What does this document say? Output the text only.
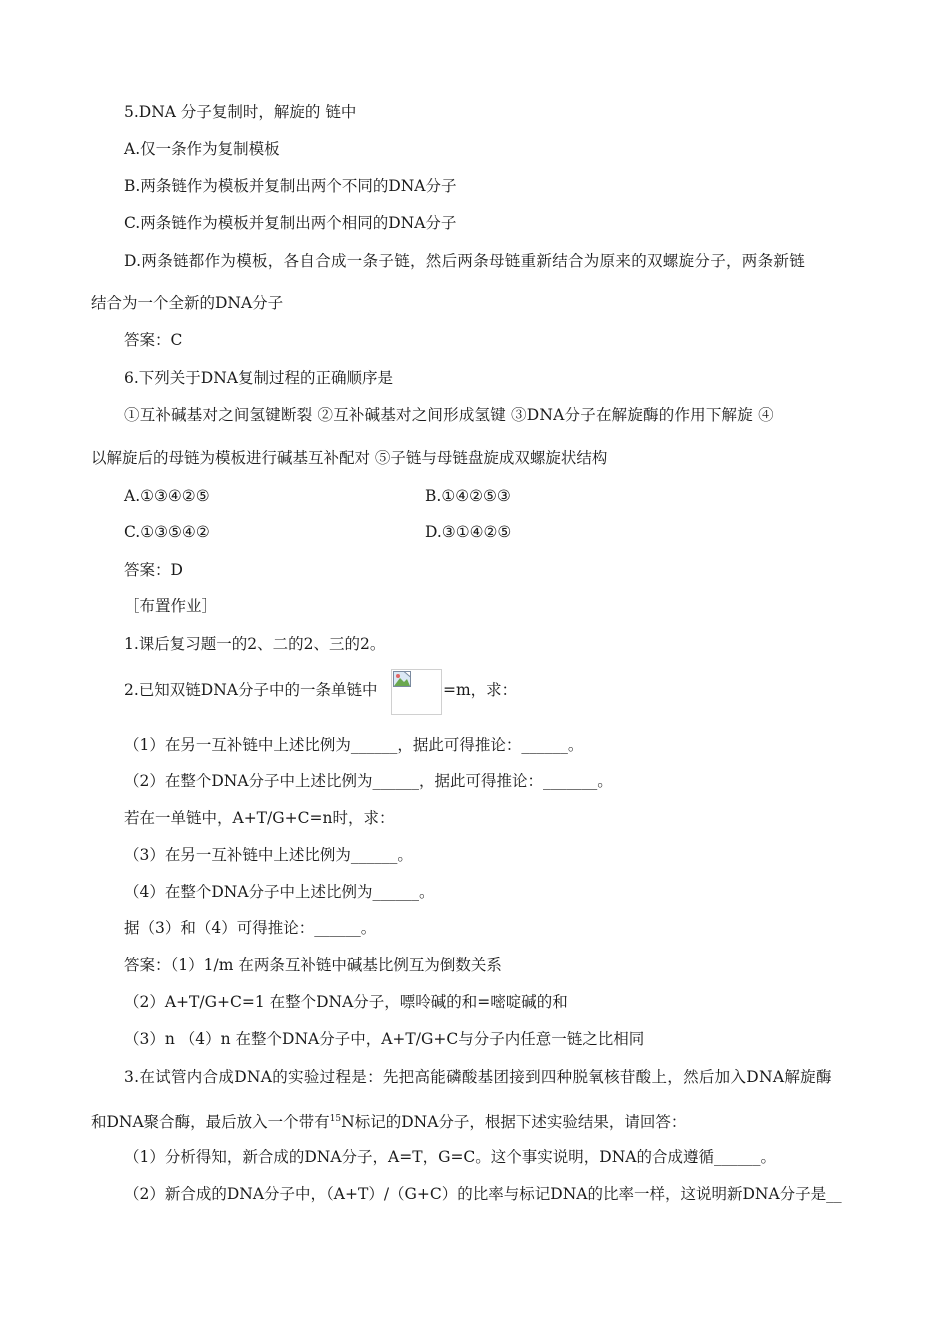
5.DNA 分子复制时，解旋的 链中
A.仅一条作为复制模板
B.两条链作为模板并复制出两个不同的DNA分子
C.两条链作为模板并复制出两个相同的DNA分子
D.两条链都作为模板，各自合成一条子链，然后两条母链重新结合为原来的双螺旋分子，两条新链
结合为一个全新的DNA分子
答案：C
6.下列关于DNA复制过程的正确顺序是
①互补碱基对之间氢键断裂 ②互补碱基对之间形成氢键 ③DNA分子在解旋酶的作用下解旋 ④
以解旋后的母链为模板进行碱基互补配对 ⑤子链与母链盘旋成双螺旋状结构
A.①③④②⑤	B.①④②⑤③
C.①③⑤④②	D.③①④②⑤
答案：D
［布置作业］
1.课后复习题一的2、二的2、三的2。
2.已知双链DNA分子中的一条单链中	=m，求：
（1）在另一互补链中上述比例为______，据此可得推论：______。
（2）在整个DNA分子中上述比例为______，据此可得推论：_______。
若在一单链中，A+T/G+C=n时，求：
（3）在另一互补链中上述比例为______。
（4）在整个DNA分子中上述比例为______。
据（3）和（4）可得推论：______。
答案：（1）1/m 在两条互补链中碱基比例互为倒数关系
（2）A+T/G+C=1 在整个DNA分子，嘌呤碱的和=嘧啶碱的和
（3）n （4）n 在整个DNA分子中，A+T/G+C与分子内任意一链之比相同
3.在试管内合成DNA的实验过程是：先把高能磷酸基团接到四种脱氧核苷酸上，然后加入DNA解旋酶
和DNA聚合酶，最后放入一个带有$^{15}$N标记的DNA分子，根据下述实验结果，请回答：
（1）分析得知，新合成的DNA分子，A=T，G=C。这个事实说明，DNA的合成遵循______。
（2）新合成的DNA分子中，（A+T）/（G+C）的比率与标记DNA的比率一样，这说明新DNA分子是__
